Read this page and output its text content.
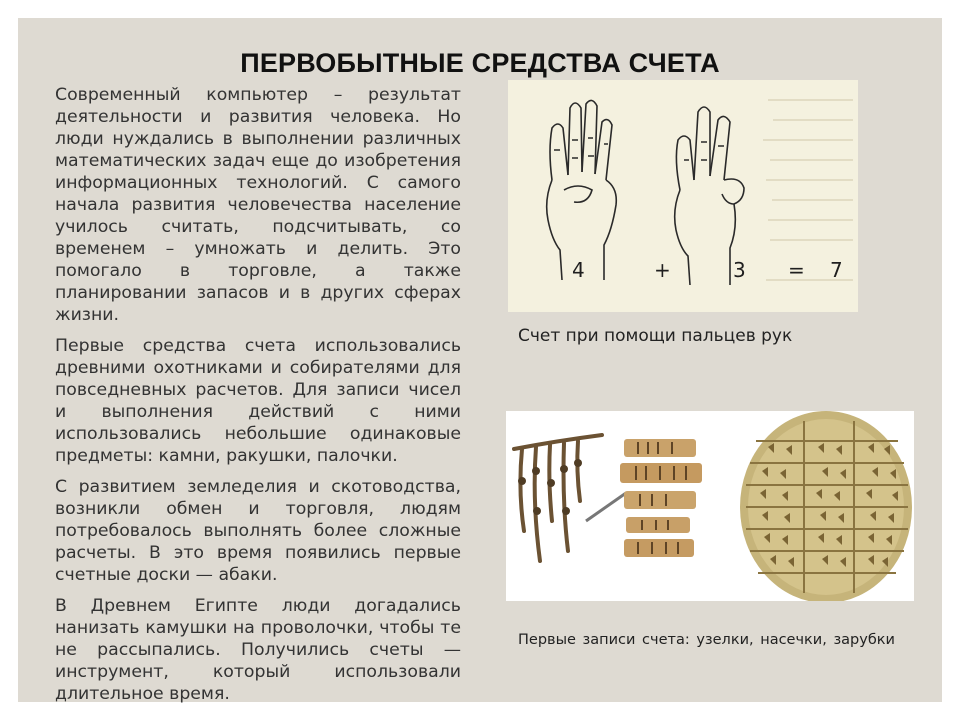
ПЕРВОБЫТНЫЕ СРЕДСТВА СЧЕТА

Современный компьютер – результат деятельности и развития человека. Но люди нуждались в выполнении различных математических задач еще до изобретения информационных технологий. С самого начала развития человечества население училось считать, подсчитывать, со временем – умножать и делить. Это помогало в торговле, а также планировании запасов и в других сферах жизни.

Первые средства счета использовались древними охотниками и собирателями для повседневных расчетов. Для записи чисел и выполнения действий с ними использовались небольшие одинаковые предметы: камни, ракушки, палочки.

С развитием земледелия и скотоводства, возникли обмен и торговля, людям потребовалось выполнять более сложные расчеты. В это время появились первые счетные доски — абаки.

В Древнем Египте люди догадались нанизать камушки на проволочки, чтобы те не рассыпались. Получились счеты — инструмент, который использовали длительное время.

4	+	3 = 7
Счет при помощи пальцев рук
Первые записи счета: узелки, насечки, зарубки
